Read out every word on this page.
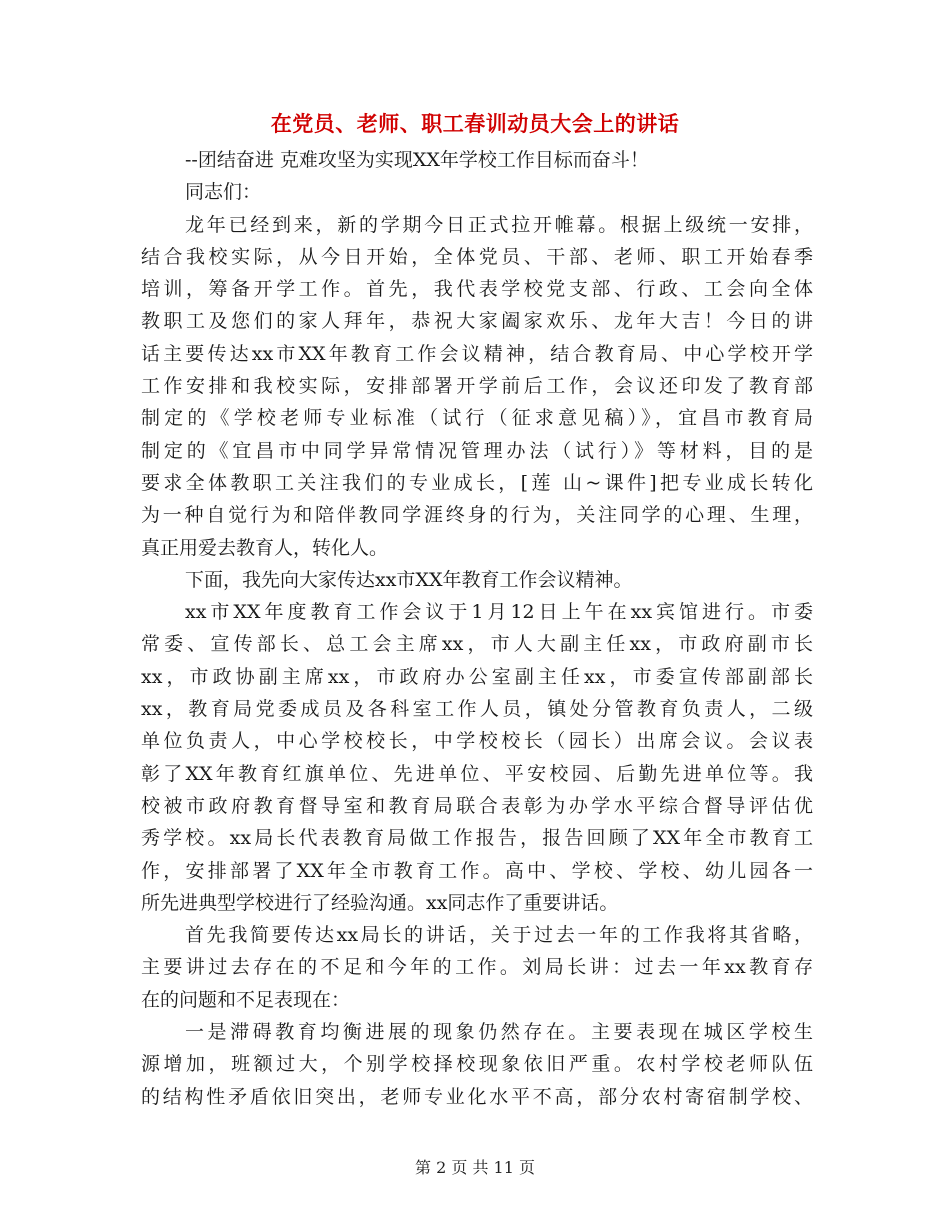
在党员、老师、职工春训动员大会上的讲话
--团结奋进 克难攻坚为实现XX年学校工作目标而奋斗！
同志们：
龙年已经到来，新的学期今日正式拉开帷幕。根据上级统一安排，
结合我校实际，从今日开始，全体党员、干部、老师、职工开始春季
培训，筹备开学工作。首先，我代表学校党支部、行政、工会向全体
教职工及您们的家人拜年，恭祝大家阖家欢乐、龙年大吉！今日的讲
话主要传达xx市XX年教育工作会议精神，结合教育局、中心学校开学
工作安排和我校实际，安排部署开学前后工作，会议还印发了教育部
制定的《学校老师专业标准（试行（征求意见稿）》，宜昌市教育局
制定的《宜昌市中同学异常情况管理办法（试行）》等材料，目的是
要求全体教职工关注我们的专业成长，[莲 山~课件]把专业成长转化
为一种自觉行为和陪伴教同学涯终身的行为，关注同学的心理、生理，
真正用爱去教育人，转化人。
下面，我先向大家传达xx市XX年教育工作会议精神。
xx市XX年度教育工作会议于1月12日上午在xx宾馆进行。市委
常委、宣传部长、总工会主席xx，市人大副主任xx，市政府副市长
xx，市政协副主席xx，市政府办公室副主任xx，市委宣传部副部长
xx，教育局党委成员及各科室工作人员，镇处分管教育负责人，二级
单位负责人，中心学校校长，中学校校长（园长）出席会议。会议表
彰了XX年教育红旗单位、先进单位、平安校园、后勤先进单位等。我
校被市政府教育督导室和教育局联合表彰为办学水平综合督导评估优
秀学校。xx局长代表教育局做工作报告，报告回顾了XX年全市教育工
作，安排部署了XX年全市教育工作。高中、学校、学校、幼儿园各一
所先进典型学校进行了经验沟通。xx同志作了重要讲话。
首先我简要传达xx局长的讲话，关于过去一年的工作我将其省略，
主要讲过去存在的不足和今年的工作。刘局长讲：过去一年xx教育存
在的问题和不足表现在：
一是滞碍教育均衡进展的现象仍然存在。主要表现在城区学校生
源增加，班额过大，个别学校择校现象依旧严重。农村学校老师队伍
的结构性矛盾依旧突出，老师专业化水平不高，部分农村寄宿制学校、
第 2 页 共 11 页
